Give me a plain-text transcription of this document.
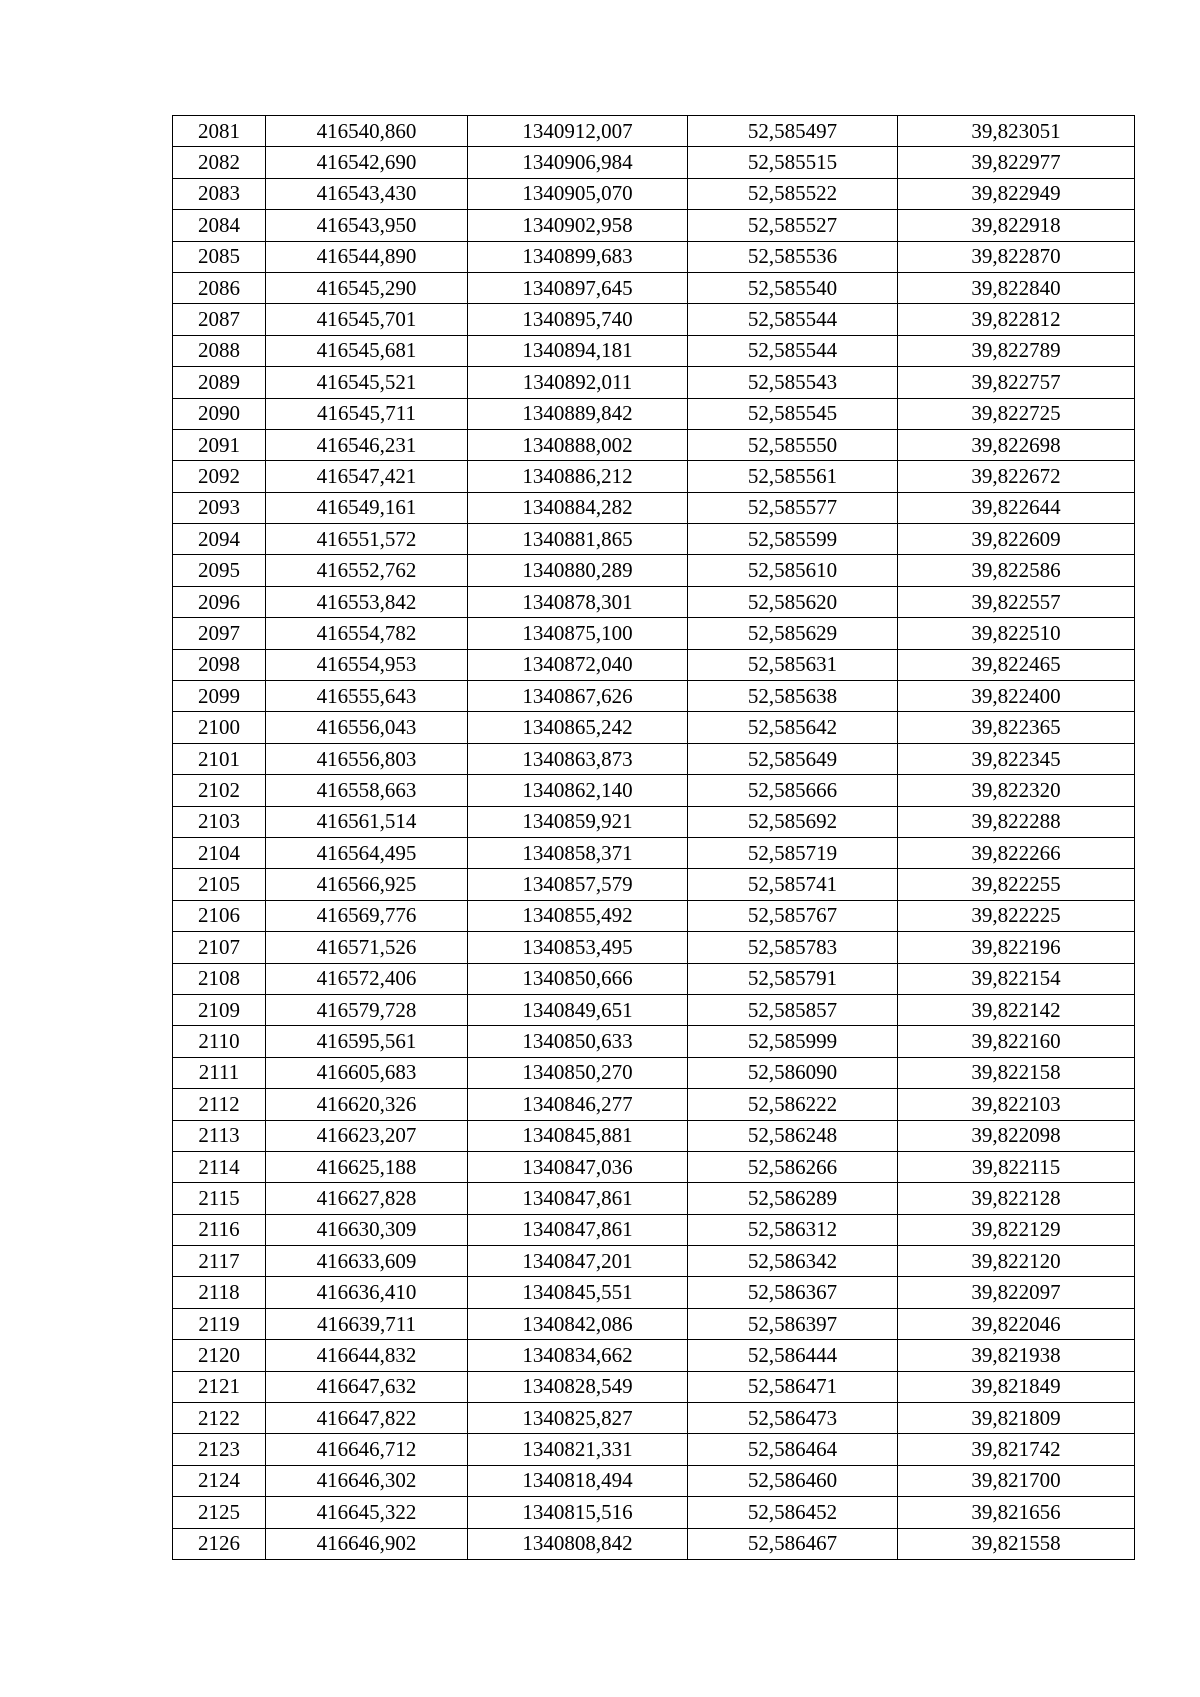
2081	416540,860	1340912,007	52,585497	39,823051
2082	416542,690	1340906,984	52,585515	39,822977
2083	416543,430	1340905,070	52,585522	39,822949
2084	416543,950	1340902,958	52,585527	39,822918
2085	416544,890	1340899,683	52,585536	39,822870
2086	416545,290	1340897,645	52,585540	39,822840
2087	416545,701	1340895,740	52,585544	39,822812
2088	416545,681	1340894,181	52,585544	39,822789
2089	416545,521	1340892,011	52,585543	39,822757
2090	416545,711	1340889,842	52,585545	39,822725
2091	416546,231	1340888,002	52,585550	39,822698
2092	416547,421	1340886,212	52,585561	39,822672
2093	416549,161	1340884,282	52,585577	39,822644
2094	416551,572	1340881,865	52,585599	39,822609
2095	416552,762	1340880,289	52,585610	39,822586
2096	416553,842	1340878,301	52,585620	39,822557
2097	416554,782	1340875,100	52,585629	39,822510
2098	416554,953	1340872,040	52,585631	39,822465
2099	416555,643	1340867,626	52,585638	39,822400
2100	416556,043	1340865,242	52,585642	39,822365
2101	416556,803	1340863,873	52,585649	39,822345
2102	416558,663	1340862,140	52,585666	39,822320
2103	416561,514	1340859,921	52,585692	39,822288
2104	416564,495	1340858,371	52,585719	39,822266
2105	416566,925	1340857,579	52,585741	39,822255
2106	416569,776	1340855,492	52,585767	39,822225
2107	416571,526	1340853,495	52,585783	39,822196
2108	416572,406	1340850,666	52,585791	39,822154
2109	416579,728	1340849,651	52,585857	39,822142
2110	416595,561	1340850,633	52,585999	39,822160
2111	416605,683	1340850,270	52,586090	39,822158
2112	416620,326	1340846,277	52,586222	39,822103
2113	416623,207	1340845,881	52,586248	39,822098
2114	416625,188	1340847,036	52,586266	39,822115
2115	416627,828	1340847,861	52,586289	39,822128
2116	416630,309	1340847,861	52,586312	39,822129
2117	416633,609	1340847,201	52,586342	39,822120
2118	416636,410	1340845,551	52,586367	39,822097
2119	416639,711	1340842,086	52,586397	39,822046
2120	416644,832	1340834,662	52,586444	39,821938
2121	416647,632	1340828,549	52,586471	39,821849
2122	416647,822	1340825,827	52,586473	39,821809
2123	416646,712	1340821,331	52,586464	39,821742
2124	416646,302	1340818,494	52,586460	39,821700
2125	416645,322	1340815,516	52,586452	39,821656
2126	416646,902	1340808,842	52,586467	39,821558
